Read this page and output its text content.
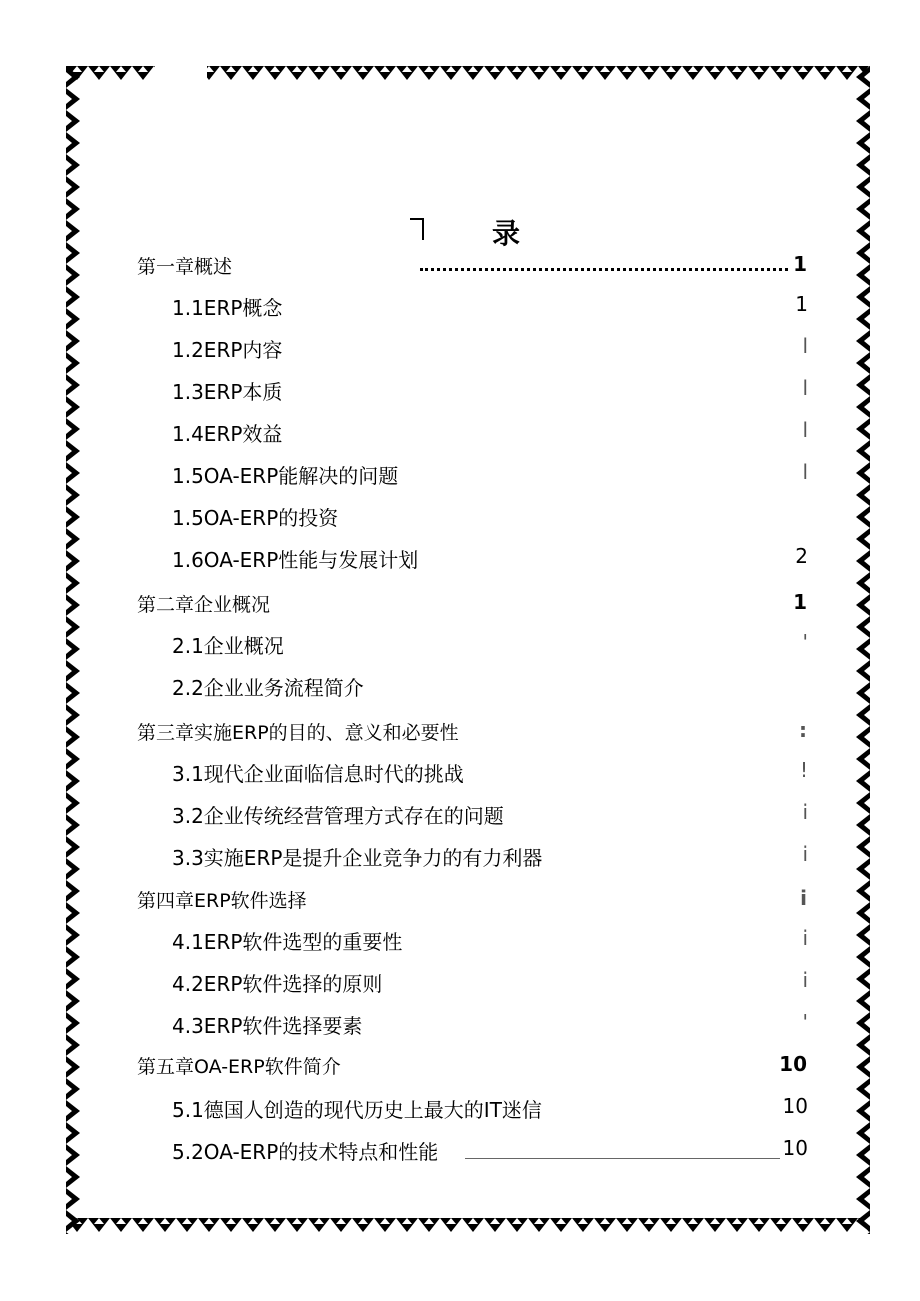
录
第一章概述	1
1.1ERP概念	1
1.2ERP内容	l
1.3ERP本质	l
1.4ERP效益	l
1.5OA-ERP能解决的问题	l
1.5OA-ERP的投资
1.6OA-ERP性能与发展计划	2
第二章企业概况	1
2.1企业概况	'
2.2企业业务流程简介
第三章实施ERP的目的、意义和必要性	:
3.1现代企业面临信息时代的挑战	!
3.2企业传统经营管理方式存在的问题	i
3.3实施ERP是提升企业竞争力的有力利器	i
第四章ERP软件选择	i
4.1ERP软件选型的重要性	i
4.2ERP软件选择的原则	i
4.3ERP软件选择要素	'
第五章OA-ERP软件简介	10
5.1德国人创造的现代历史上最大的IT迷信	10
5.2OA-ERP的技术特点和性能	10
